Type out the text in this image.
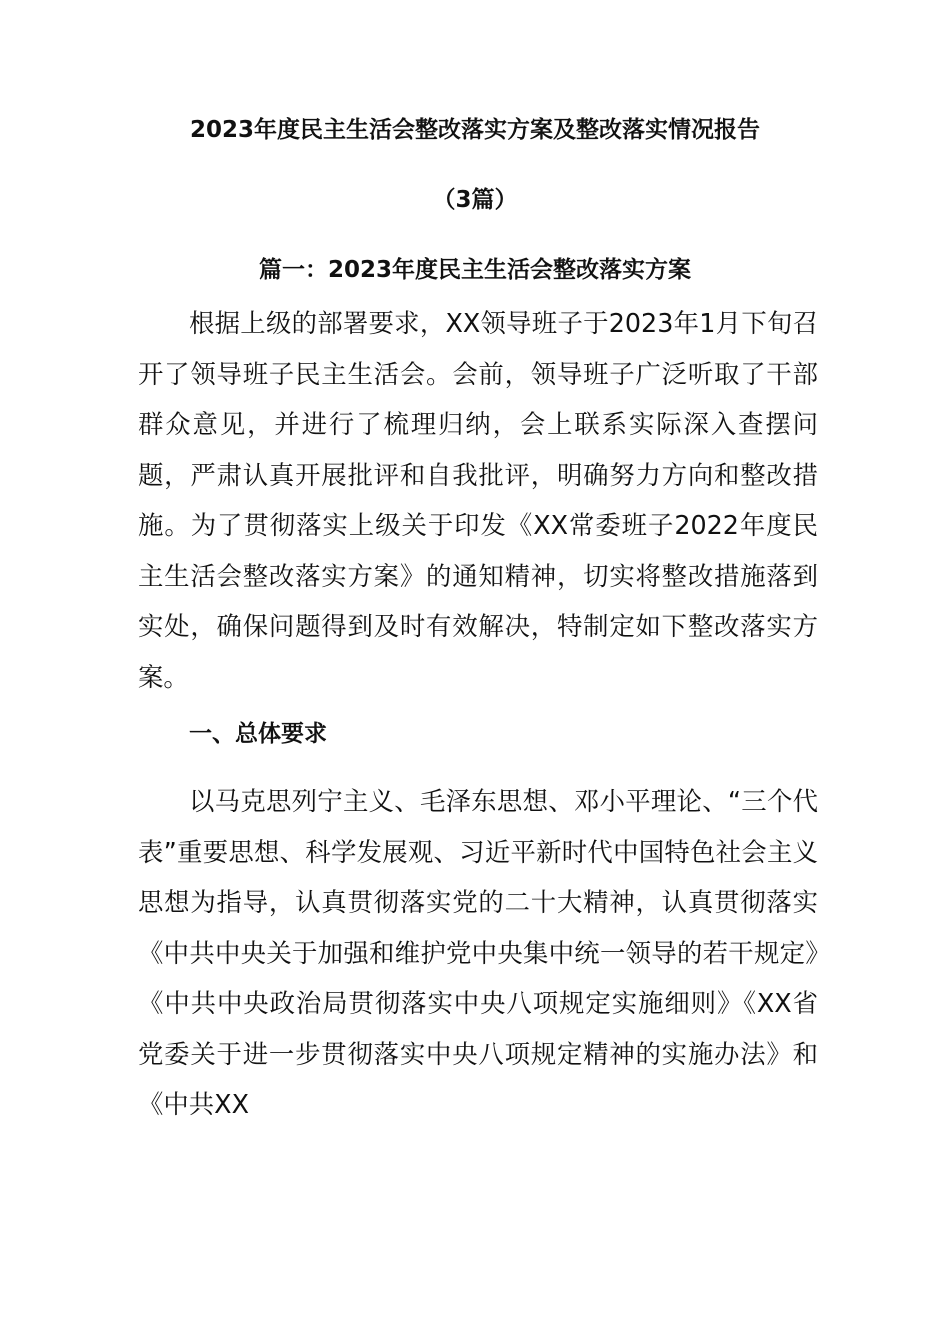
2023年度民主生活会整改落实方案及整改落实情况报告
（3篇）
篇一：2023年度民主生活会整改落实方案

根据上级的部署要求，XX领导班子于2023年1月下旬召开了领导班子民主生活会。会前，领导班子广泛听取了干部群众意见，并进行了梳理归纳，会上联系实际深入查摆问题，严肃认真开展批评和自我批评，明确努力方向和整改措施。为了贯彻落实上级关于印发《XX常委班子2022年度民主生活会整改落实方案》的通知精神，切实将整改措施落到实处，确保问题得到及时有效解决，特制定如下整改落实方案。

一、总体要求

以马克思列宁主义、毛泽东思想、邓小平理论、“三个代表”重要思想、科学发展观、习近平新时代中国特色社会主义思想为指导，认真贯彻落实党的二十大精神，认真贯彻落实《中共中央关于加强和维护党中央集中统一领导的若干规定》《中共中央政治局贯彻落实中央八项规定实施细则》《XX省党委关于进一步贯彻落实中央八项规定精神的实施办法》和《中共XX
